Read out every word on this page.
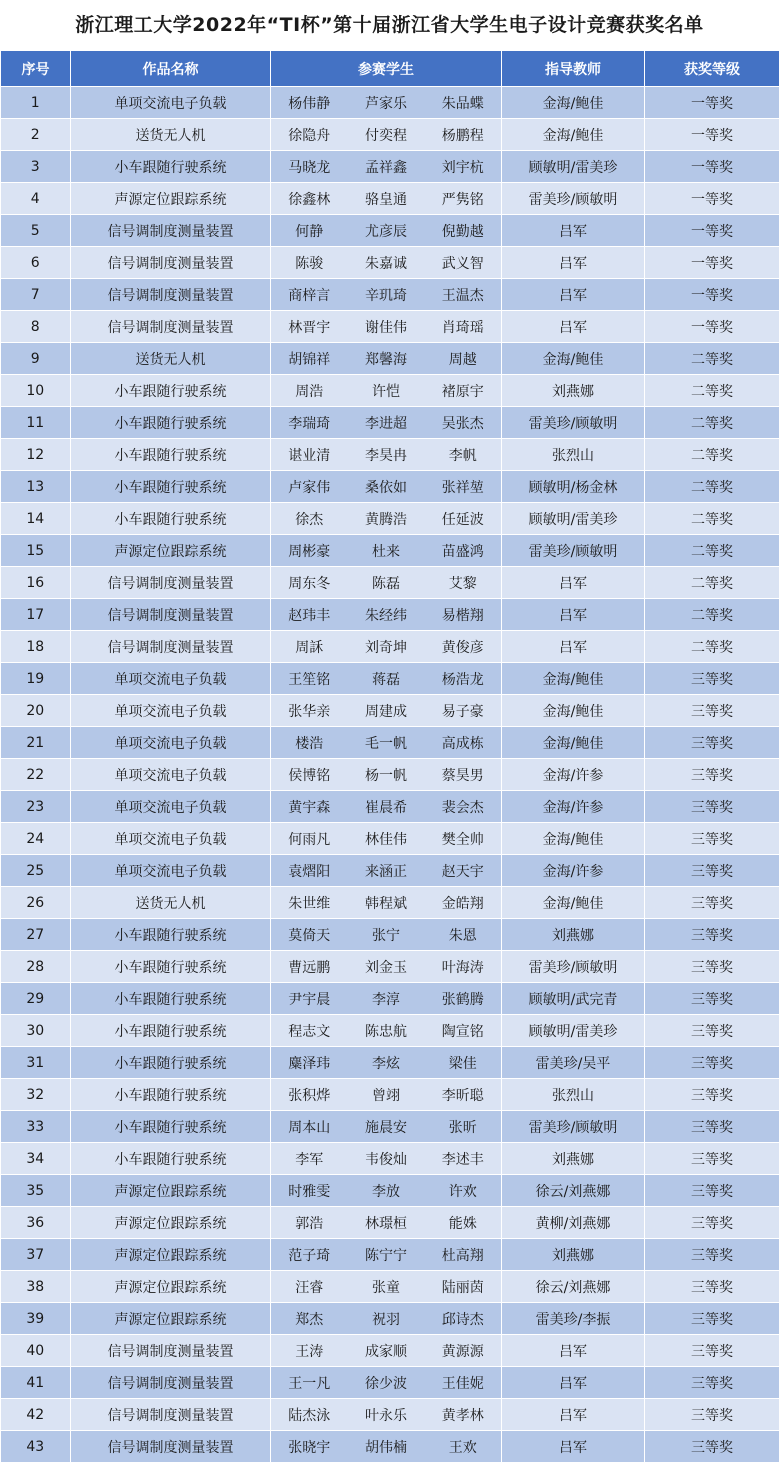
浙江理工大学2022年“TI杯”第十届浙江省大学生电子设计竞赛获奖名单
序号	作品名称	参赛学生			指导教师	获奖等级
1	单项交流电子负载	杨伟静	芦家乐	朱品蝶	金海/鲍佳	一等奖
2	送货无人机	徐隐舟	付奕程	杨鹏程	金海/鲍佳	一等奖
3	小车跟随行驶系统	马晓龙	孟祥鑫	刘宇杭	顾敏明/雷美珍	一等奖
4	声源定位跟踪系统	徐鑫林	骆皇通	严隽铭	雷美珍/顾敏明	一等奖
5	信号调制度测量装置	何静	尤彦辰	倪勤越	吕军	一等奖
6	信号调制度测量装置	陈骏	朱嘉诚	武义智	吕军	一等奖
7	信号调制度测量装置	商梓言	辛玑琦	王温杰	吕军	一等奖
8	信号调制度测量装置	林晋宇	谢佳伟	肖琦瑶	吕军	一等奖
9	送货无人机	胡锦祥	郑馨海	周越	金海/鲍佳	二等奖
10	小车跟随行驶系统	周浩	许恺	褚原宇	刘燕娜	二等奖
11	小车跟随行驶系统	李瑞琦	李进超	吴张杰	雷美珍/顾敏明	二等奖
12	小车跟随行驶系统	谌业清	李昊冉	李帆	张烈山	二等奖
13	小车跟随行驶系统	卢家伟	桑依如	张祥堃	顾敏明/杨金林	二等奖
14	小车跟随行驶系统	徐杰	黄腾浩	任延波	顾敏明/雷美珍	二等奖
15	声源定位跟踪系统	周彬豪	杜来	苗盛鸿	雷美珍/顾敏明	二等奖
16	信号调制度测量装置	周东冬	陈磊	艾黎	吕军	二等奖
17	信号调制度测量装置	赵玮丰	朱经纬	易楷翔	吕军	二等奖
18	信号调制度测量装置	周訸	刘奇坤	黄俊彦	吕军	二等奖
19	单项交流电子负载	王笙铭	蒋磊	杨浩龙	金海/鲍佳	三等奖
20	单项交流电子负载	张华亲	周建成	易子豪	金海/鲍佳	三等奖
21	单项交流电子负载	楼浩	毛一帆	高成栋	金海/鲍佳	三等奖
22	单项交流电子负载	侯博铭	杨一帆	蔡昊男	金海/许参	三等奖
23	单项交流电子负载	黄宇森	崔晨希	裴会杰	金海/许参	三等奖
24	单项交流电子负载	何雨凡	林佳伟	樊全帅	金海/鲍佳	三等奖
25	单项交流电子负载	袁熠阳	来涵正	赵天宇	金海/许参	三等奖
26	送货无人机	朱世维	韩程斌	金皓翔	金海/鲍佳	三等奖
27	小车跟随行驶系统	莫倚天	张宁	朱恩	刘燕娜	三等奖
28	小车跟随行驶系统	曹远鹏	刘金玉	叶海涛	雷美珍/顾敏明	三等奖
29	小车跟随行驶系统	尹宇晨	李淳	张鹤腾	顾敏明/武完青	三等奖
30	小车跟随行驶系统	程志文	陈忠航	陶宣铭	顾敏明/雷美珍	三等奖
31	小车跟随行驶系统	麋泽玮	李炫	梁佳	雷美珍/吴平	三等奖
32	小车跟随行驶系统	张积烨	曾翊	李昕聪	张烈山	三等奖
33	小车跟随行驶系统	周本山	施晨安	张昕	雷美珍/顾敏明	三等奖
34	小车跟随行驶系统	李军	韦俊灿	李述丰	刘燕娜	三等奖
35	声源定位跟踪系统	时雅雯	李放	许欢	徐云/刘燕娜	三等奖
36	声源定位跟踪系统	郭浩	林璟桓	能姝	黄柳/刘燕娜	三等奖
37	声源定位跟踪系统	范子琦	陈宁宁	杜高翔	刘燕娜	三等奖
38	声源定位跟踪系统	汪睿	张童	陆丽茵	徐云/刘燕娜	三等奖
39	声源定位跟踪系统	郑杰	祝羽	邱诗杰	雷美珍/李振	三等奖
40	信号调制度测量装置	王涛	成家顺	黄源源	吕军	三等奖
41	信号调制度测量装置	王一凡	徐少波	王佳妮	吕军	三等奖
42	信号调制度测量装置	陆杰泳	叶永乐	黄孝林	吕军	三等奖
43	信号调制度测量装置	张晓宇	胡伟楠	王欢	吕军	三等奖
